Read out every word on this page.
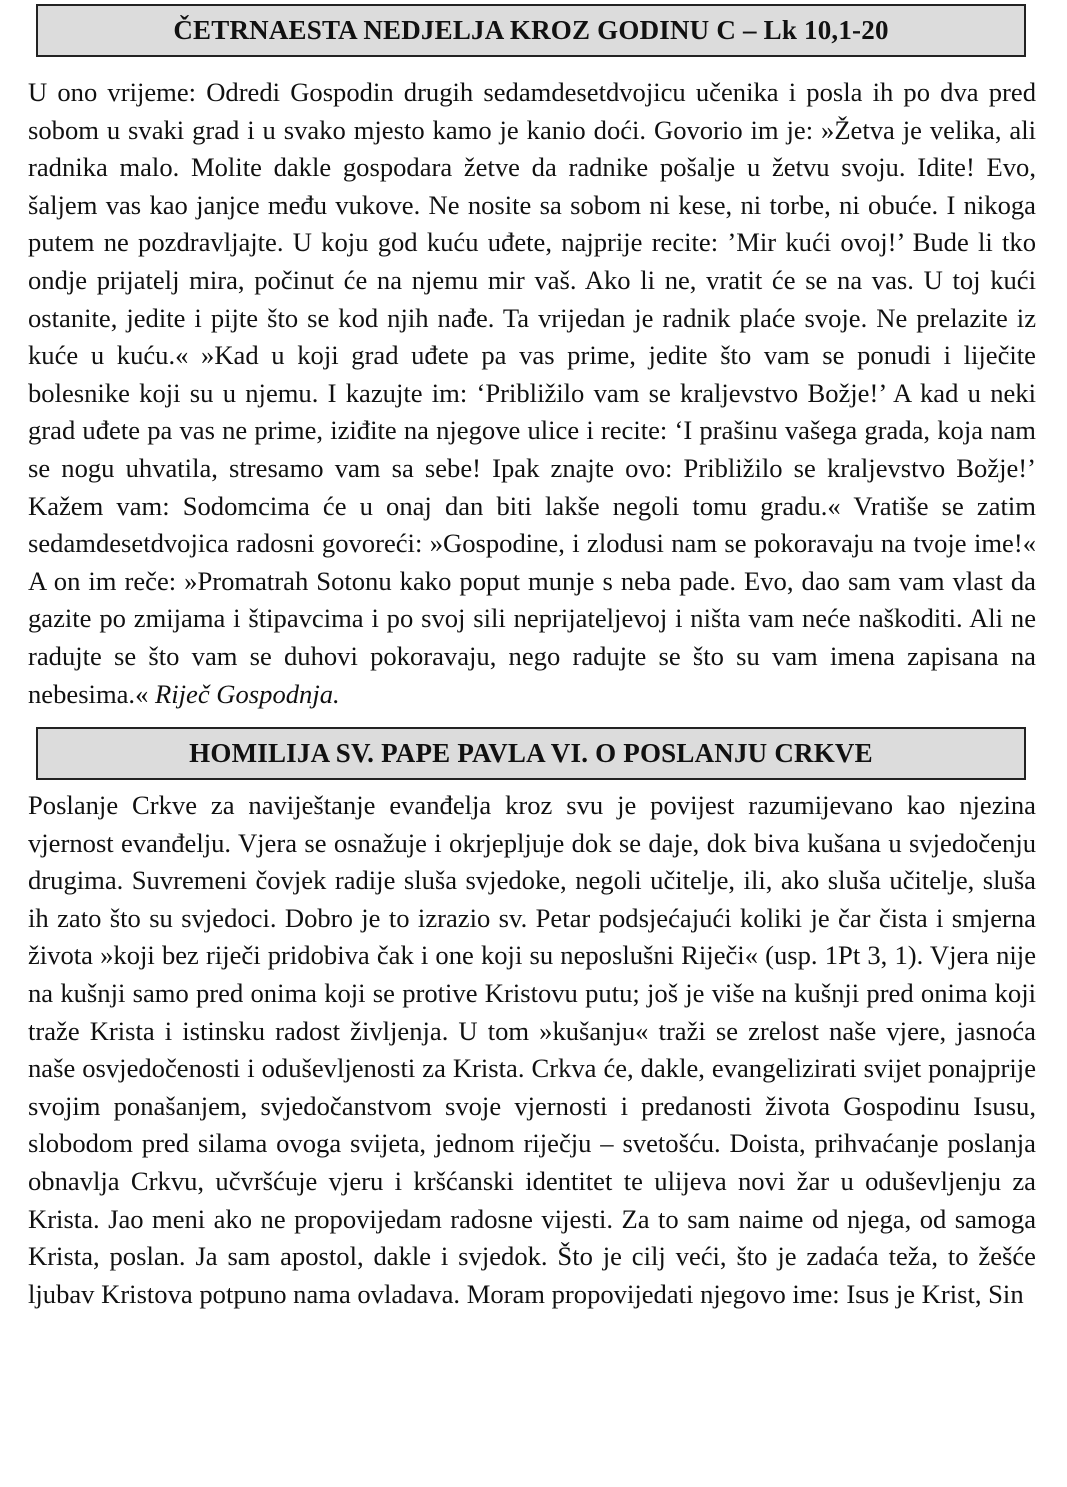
ČETRNAESTA NEDJELJA KROZ GODINU C – Lk 10,1-20

U ono vrijeme: Odredi Gospodin drugih sedamdesetdvojicu učenika i posla ih po dva pred sobom u svaki grad i u svako mjesto kamo je kanio doći. Govorio im je: »Žetva je velika, ali radnika malo. Molite dakle gospodara žetve da radnike pošalje u žetvu svoju. Idite! Evo, šaljem vas kao janjce među vukove. Ne nosite sa sobom ni kese, ni torbe, ni obuće. I nikoga putem ne pozdravljajte. U koju god kuću uđete, najprije recite: ’Mir kući ovoj!’ Bude li tko ondje prijatelj mira, počinut će na njemu mir vaš. Ako li ne, vratit će se na vas. U toj kući ostanite, jedite i pijte što se kod njih nađe. Ta vrijedan je radnik plaće svoje. Ne prelazite iz kuće u kuću.« »Kad u koji grad uđete pa vas prime, jedite što vam se ponudi i liječite bolesnike koji su u njemu. I kazujte im: ‘Približilo vam se kraljevstvo Božje!’ A kad u neki grad uđete pa vas ne prime, iziđite na njegove ulice i recite: ‘I prašinu vašega grada, koja nam se nogu uhvatila, stresamo vam sa sebe! Ipak znajte ovo: Približilo se kraljevstvo Božje!’ Kažem vam: Sodomcima će u onaj dan biti lakše negoli tomu gradu.« Vratiše se zatim sedamdesetdvojica radosni govoreći: »Gospodine, i zlodusi nam se pokoravaju na tvoje ime!« A on im reče: »Promatrah Sotonu kako poput munje s neba pade. Evo, dao sam vam vlast da gazite po zmijama i štipavcima i po svoj sili neprijateljevoj i ništa vam neće naškoditi. Ali ne radujte se što vam se duhovi pokoravaju, nego radujte se što su vam imena zapisana na nebesima.« Riječ Gospodnja.

HOMILIJA SV. PAPE PAVLA VI. O POSLANJU CRKVE

Poslanje Crkve za naviještanje evanđelja kroz svu je povijest razumijevano kao njezina vjernost evanđelju. Vjera se osnažuje i okrjepljuje dok se daje, dok biva kušana u svjedočenju drugima. Suvremeni čovjek radije sluša svjedoke, negoli učitelje, ili, ako sluša učitelje, sluša ih zato što su svjedoci. Dobro je to izrazio sv. Petar podsjećajući koliki je čar čista i smjerna života »koji bez riječi pridobiva čak i one koji su neposlušni Riječi« (usp. 1Pt 3, 1). Vjera nije na kušnji samo pred onima koji se protive Kristovu putu; još je više na kušnji pred onima koji traže Krista i istinsku radost življenja. U tom »kušanju« traži se zrelost naše vjere, jasnoća naše osvjedočenosti i oduševljenosti za Krista. Crkva će, dakle, evangelizirati svijet ponajprije svojim ponašanjem, svjedočanstvom svoje vjernosti i predanosti života Gospodinu Isusu, slobodom pred silama ovoga svijeta, jednom riječju – svetošću. Doista, prihvaćanje poslanja obnavlja Crkvu, učvršćuje vjeru i kršćanski identitet te ulijeva novi žar u oduševljenju za Krista. Jao meni ako ne propovijedam radosne vijesti. Za to sam naime od njega, od samoga Krista, poslan. Ja sam apostol, dakle i svjedok. Što je cilj veći, što je zadaća teža, to žešće ljubav Kristova potpuno nama ovladava. Moram propovijedati njegovo ime: Isus je Krist, Sin
